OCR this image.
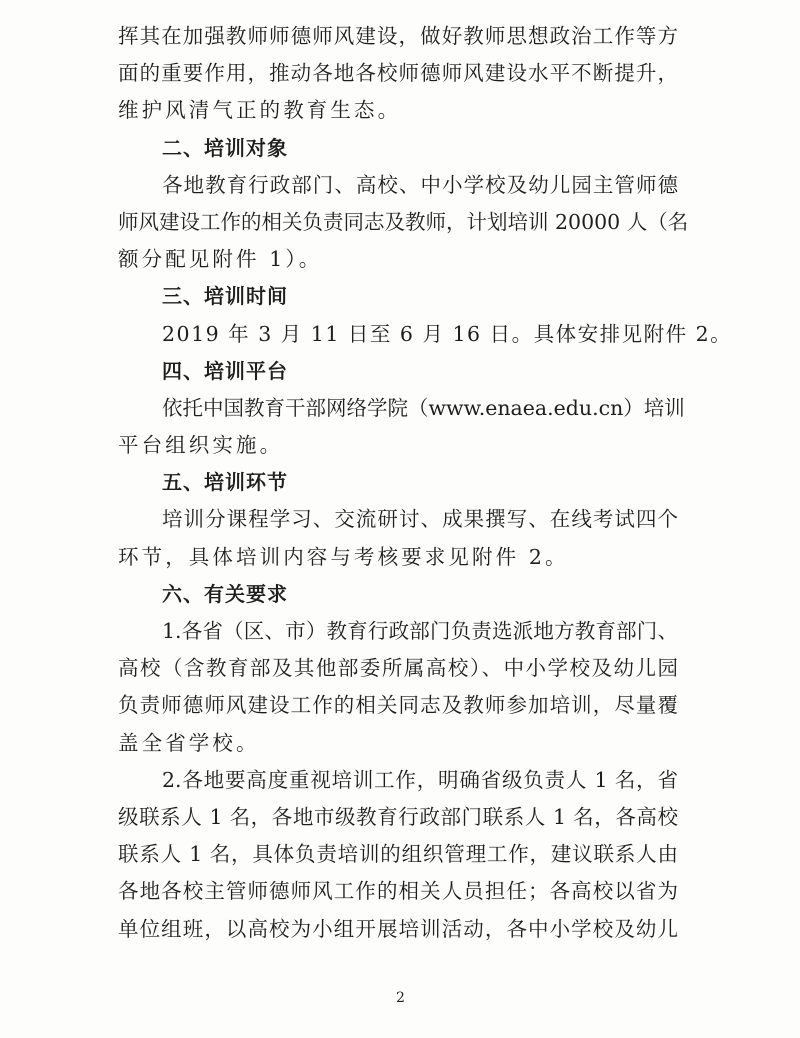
挥其在加强教师师德师风建设，做好教师思想政治工作等方
面的重要作用，推动各地各校师德师风建设水平不断提升，
维护风清气正的教育生态。
二、培训对象
各地教育行政部门、高校、中小学校及幼儿园主管师德
师风建设工作的相关负责同志及教师，计划培训 20000 人（名
额分配见附件 1）。
三、培训时间
2019 年 3 月 11 日至 6 月 16 日。具体安排见附件 2。
四、培训平台
依托中国教育干部网络学院（www.enaea.edu.cn）培训
平台组织实施。
五、培训环节
培训分课程学习、交流研讨、成果撰写、在线考试四个
环节，具体培训内容与考核要求见附件 2。
六、有关要求
1.各省（区、市）教育行政部门负责选派地方教育部门、
高校（含教育部及其他部委所属高校）、中小学校及幼儿园
负责师德师风建设工作的相关同志及教师参加培训，尽量覆
盖全省学校。
2.各地要高度重视培训工作，明确省级负责人 1 名，省
级联系人 1 名，各地市级教育行政部门联系人 1 名，各高校
联系人 1 名，具体负责培训的组织管理工作，建议联系人由
各地各校主管师德师风工作的相关人员担任；各高校以省为
单位组班，以高校为小组开展培训活动，各中小学校及幼儿
2
